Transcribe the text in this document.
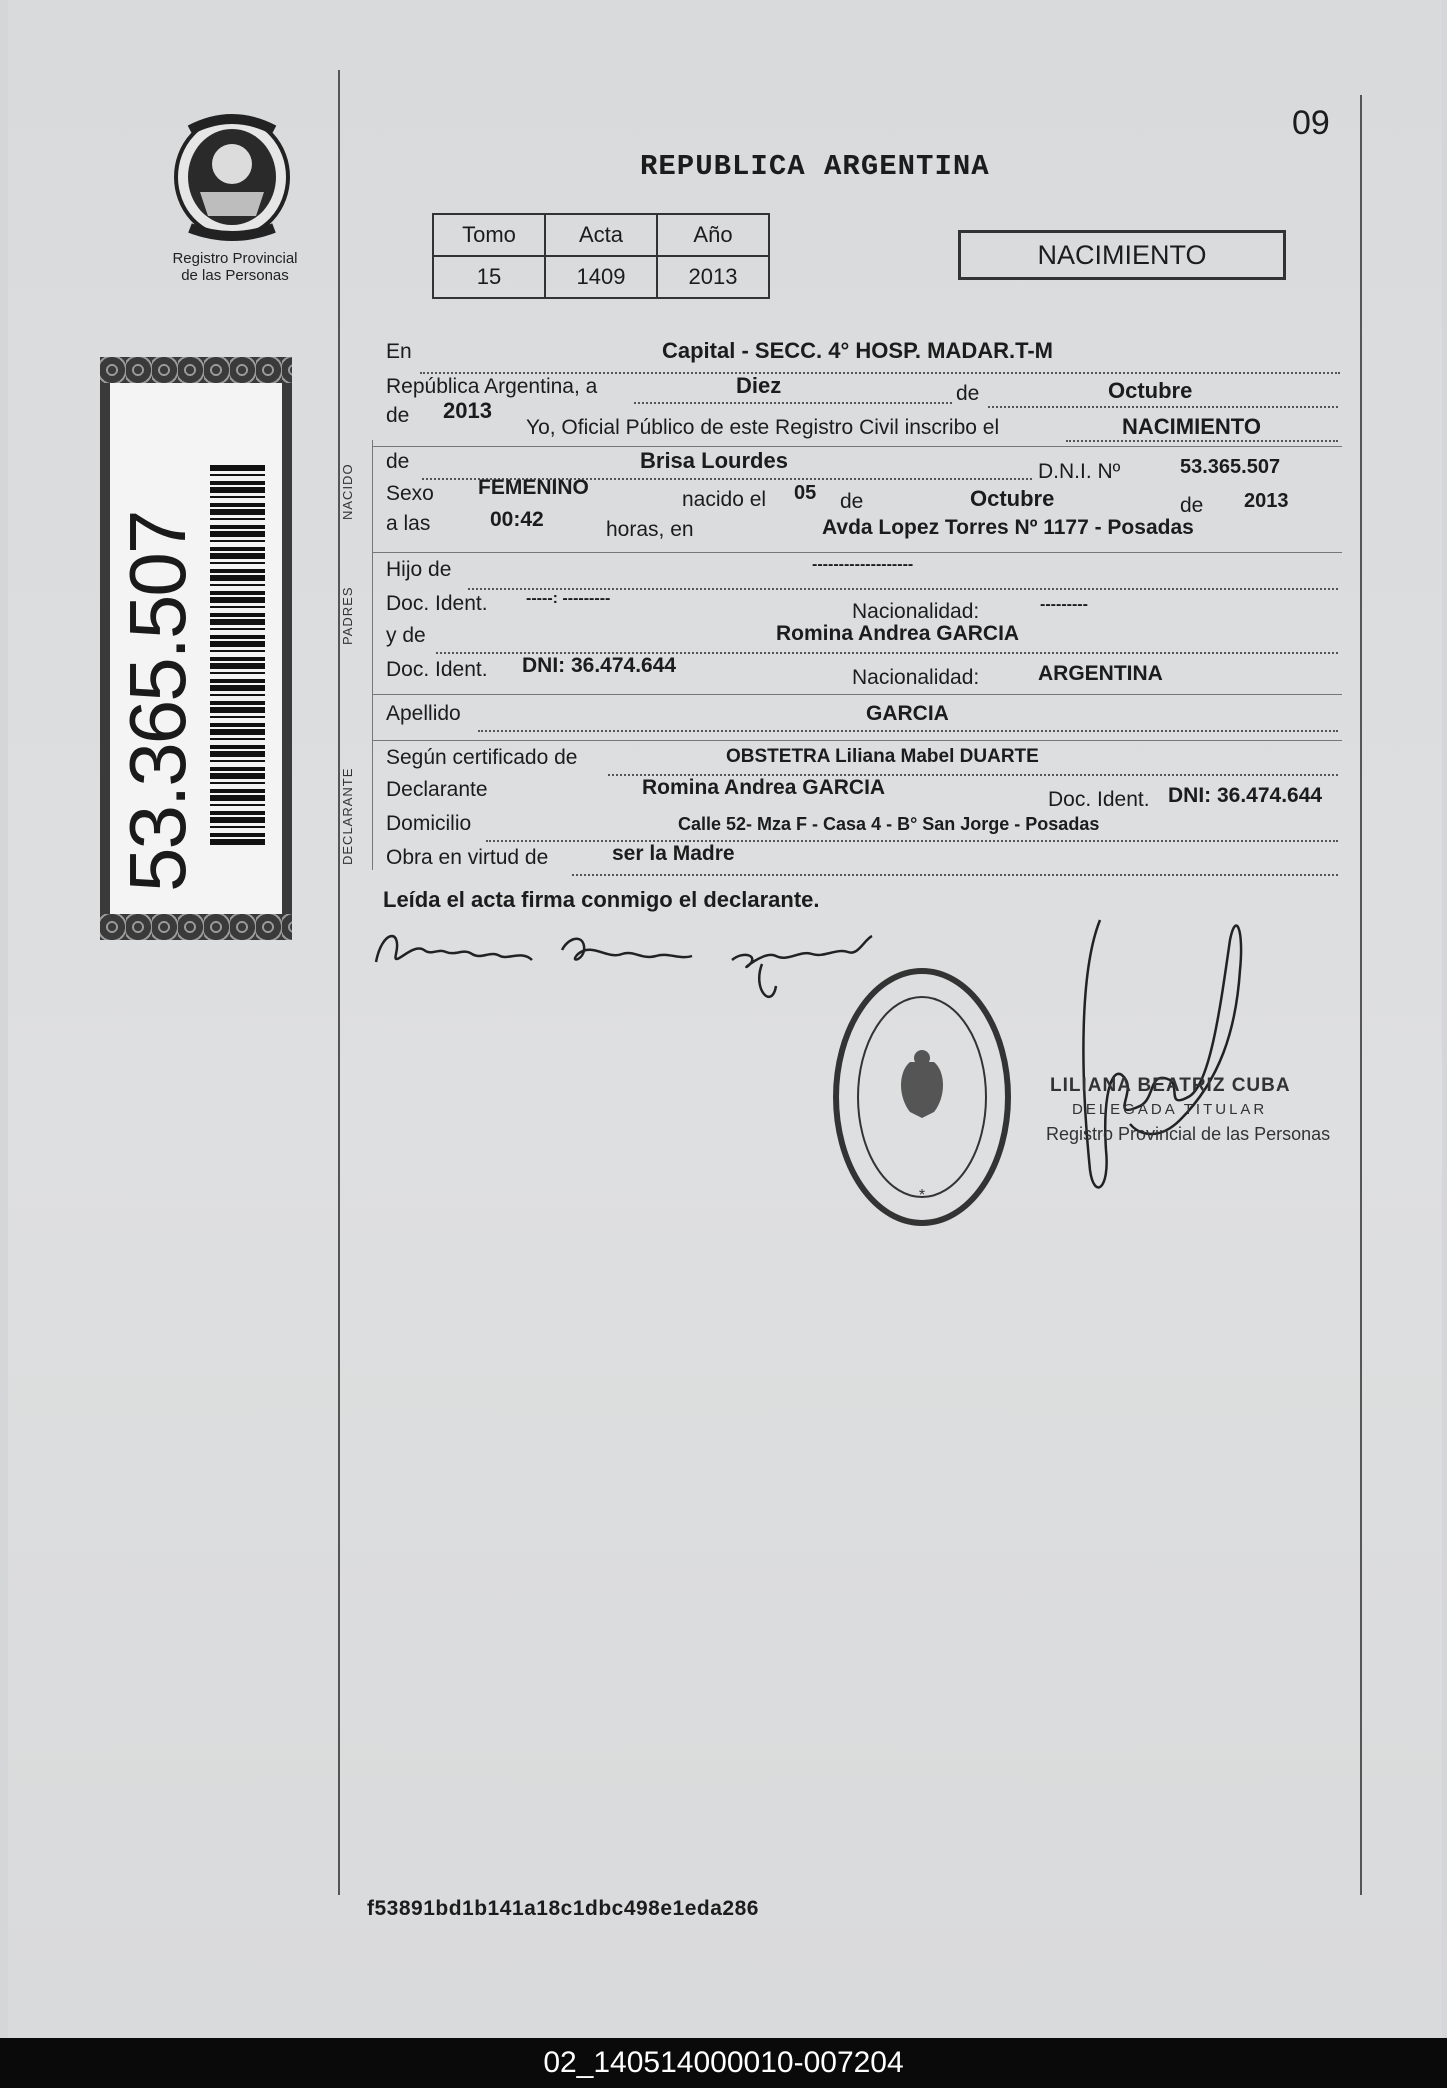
Registro Provincial
de las Personas
53.365.507
09
REPUBLICA ARGENTINA
Tomo	Acta	Año
15	1409	2013
NACIMIENTO
NACIDO
PADRES
DECLARANTE
En	Capital - SECC. 4° HOSP. MADAR.T-M
República Argentina, a	Diez	de	Octubre
de 2013
Yo, Oficial Público de este Registro Civil inscribo el	NACIMIENTO
de	Brisa Lourdes	D.N.I. Nº	53.365.507
Sexo FEMENINO
nacido el 05 de	Octubre	de 2013
a las	00:42	horas, en	Avda Lopez Torres Nº 1177 - Posadas
Hijo de	-------------------
Doc. Ident. -----: ---------
Nacionalidad:	---------
y de	Romina Andrea GARCIA
Doc. Ident. DNI: 36.474.644
Nacionalidad:	ARGENTINA
Apellido	GARCIA
Según certificado de	OBSTETRA Liliana Mabel DUARTE
Declarante	Romina Andrea GARCIA
Doc. Ident. DNI: 36.474.644
Domicilio	Calle 52- Mza F - Casa 4 - B° San Jorge - Posadas
Obra en virtud de	ser la Madre
Leída el acta firma conmigo el declarante.
*
LILIANA BEATRIZ CUBA
DELEGADA TITULAR
Registro Provincial de las Personas
f53891bd1b141a18c1dbc498e1eda286
02_140514000010-007204
